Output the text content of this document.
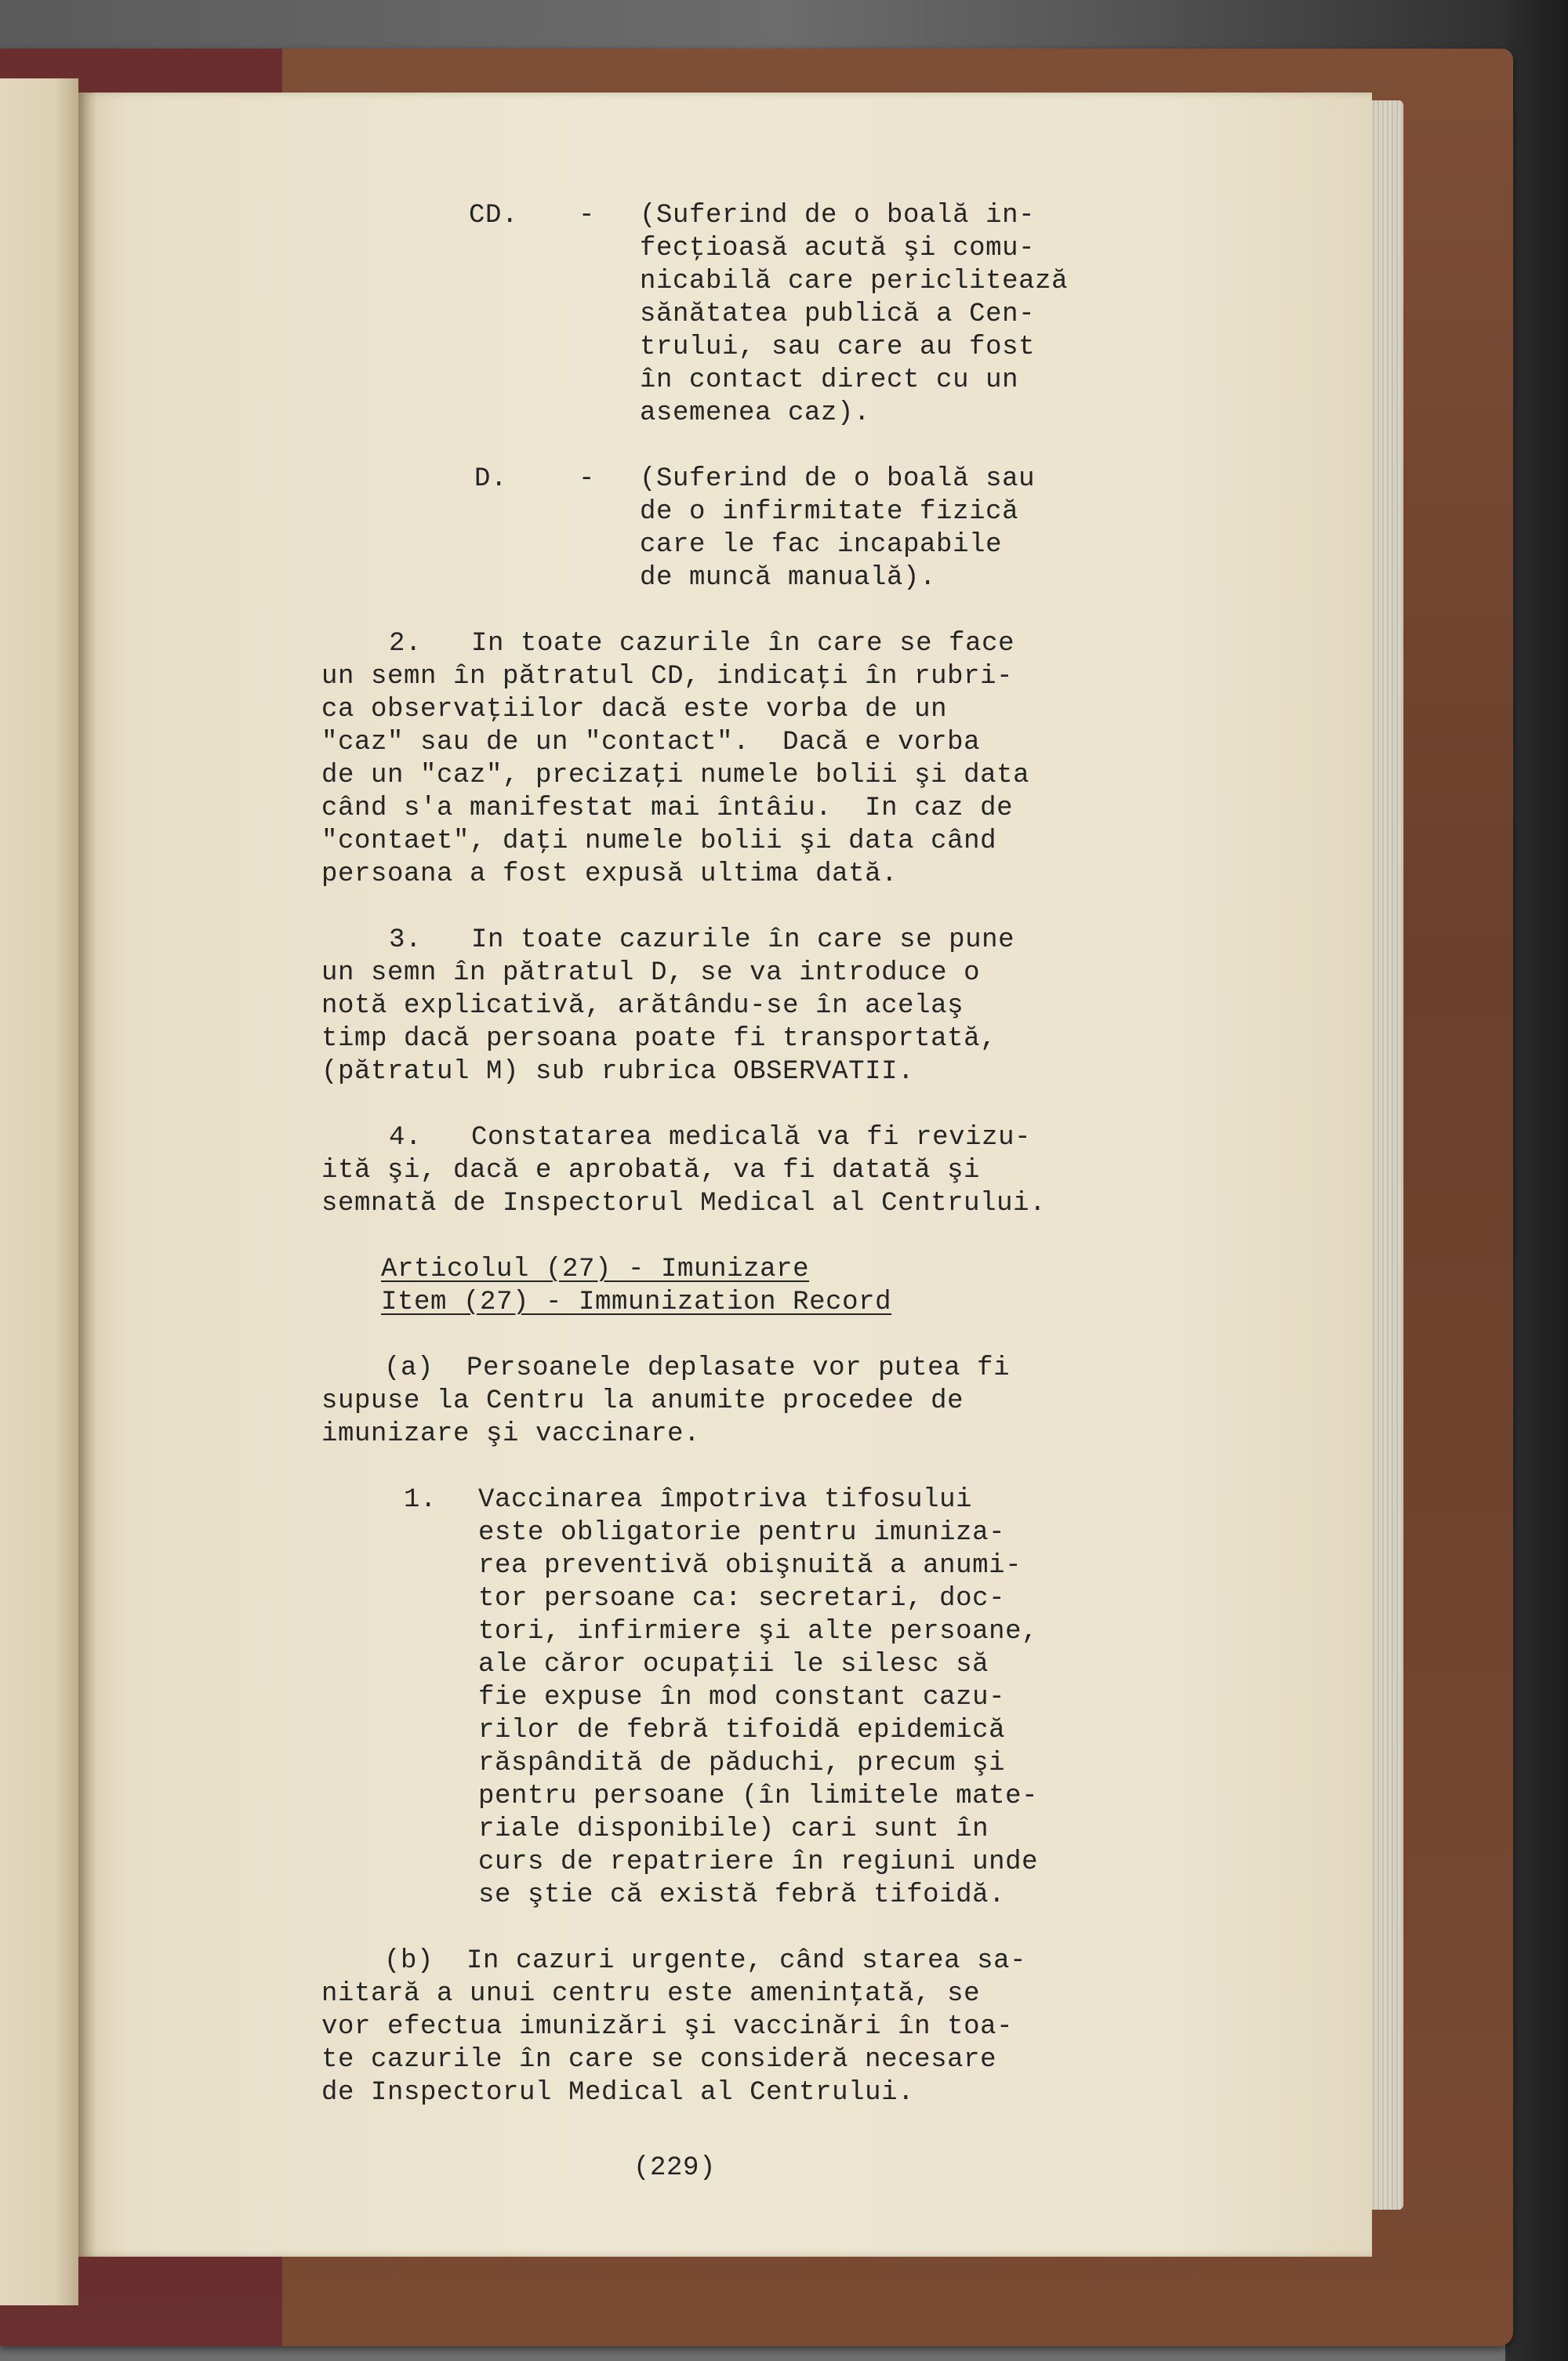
CD. - (Suferind de o boală in-
fecţioasă acută şi comu-
nicabilă care periclitează
sănătatea publică a Cen-
trului, sau care au fost
în contact direct cu un
asemenea caz).
D.	- (Suferind de o boală sau
de o infirmitate fizică
care le fac incapabile
de muncă manuală).
2.   In toate cazurile în care se face
un semn în pătratul CD, indicaţi în rubri-
ca observaţiilor dacă este vorba de un
"caz" sau de un "contact".  Dacă e vorba
de un "caz", precizaţi numele bolii şi data
când s'a manifestat mai întâiu.  In caz de
"contaet", daţi numele bolii şi data când
persoana a fost expusă ultima dată.
3.   In toate cazurile în care se pune
un semn în pătratul D, se va introduce o
notă explicativă, arătându-se în acelaş
timp dacă persoana poate fi transportată,
(pătratul M) sub rubrica OBSERVATII.
4.   Constatarea medicală va fi revizu-
ită şi, dacă e aprobată, va fi datată şi
semnată de Inspectorul Medical al Centrului.
Articolul (27) - Imunizare
Item (27) - Immunization Record
(a)  Persoanele deplasate vor putea fi
supuse la Centru la anumite procedee de
imunizare şi vaccinare.
1. Vaccinarea împotriva tifosului
este obligatorie pentru imuniza-
rea preventivă obişnuită a anumi-
tor persoane ca: secretari, doc-
tori, infirmiere şi alte persoane,
ale căror ocupaţii le silesc să
fie expuse în mod constant cazu-
rilor de febră tifoidă epidemică
răspândită de păduchi, precum şi
pentru persoane (în limitele mate-
riale disponibile) cari sunt în
curs de repatriere în regiuni unde
se ştie că există febră tifoidă.
(b)  In cazuri urgente, când starea sa-
nitară a unui centru este ameninţată, se
vor efectua imunizări şi vaccinări în toa-
te cazurile în care se consideră necesare
de Inspectorul Medical al Centrului.
(229)
